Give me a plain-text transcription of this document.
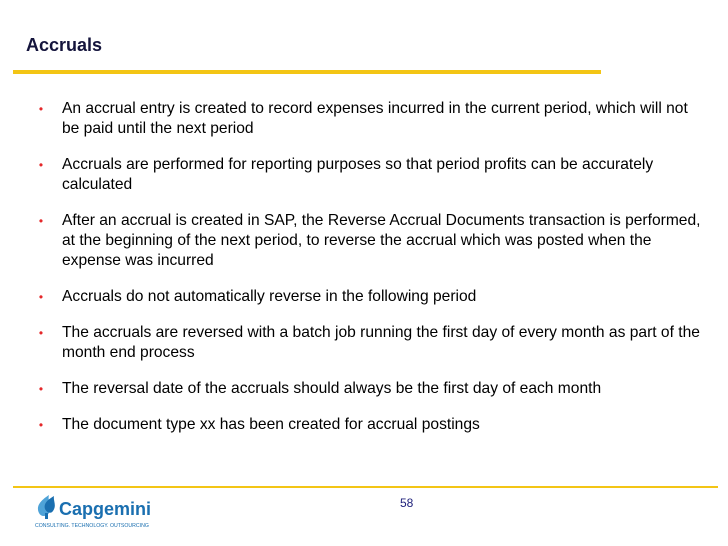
Accruals
•	An accrual entry is created to record expenses incurred in the current period, which will not be paid until the next period
•	Accruals are performed for reporting purposes so that period profits can be accurately calculated
•	After an accrual is created in SAP, the Reverse Accrual Documents transaction is performed, at the beginning of the next period, to reverse the accrual which was posted when the expense was incurred
•	Accruals do not automatically reverse in the following period
•	The accruals are reversed with a batch job running the first day of every month as part of the month end process
•	The reversal date of the accruals should always be the first day of each month
•	The document type xx has been created for accrual postings
Capgemini
CONSULTING. TECHNOLOGY. OUTSOURCING
58
